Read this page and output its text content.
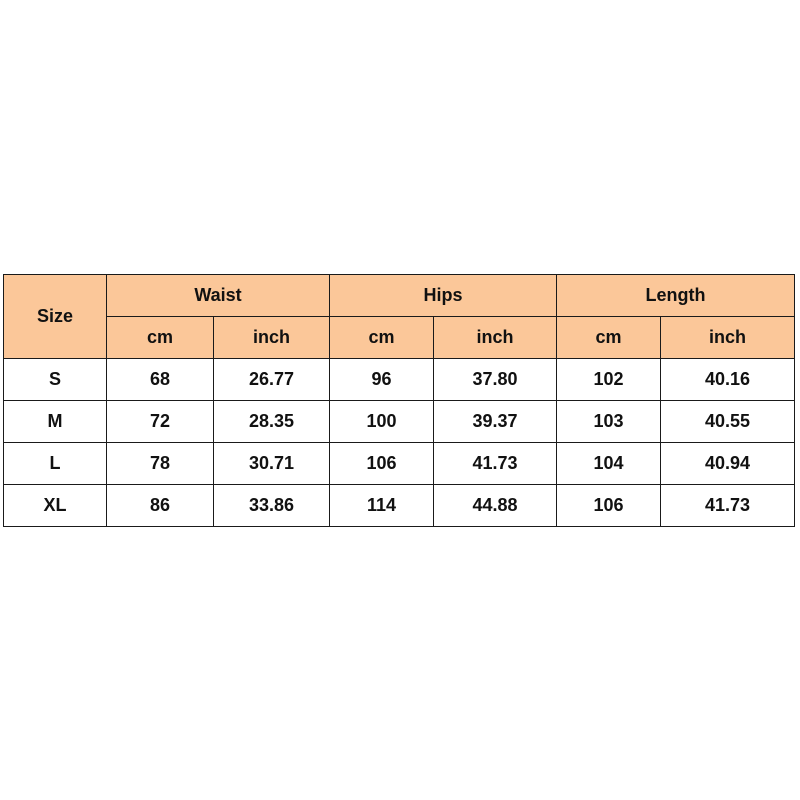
Size	Waist		Hips		Length	
	cm	inch	cm	inch	cm	inch
S	68	26.77	96	37.80	102	40.16
M	72	28.35	100	39.37	103	40.55
L	78	30.71	106	41.73	104	40.94
XL	86	33.86	114	44.88	106	41.73
